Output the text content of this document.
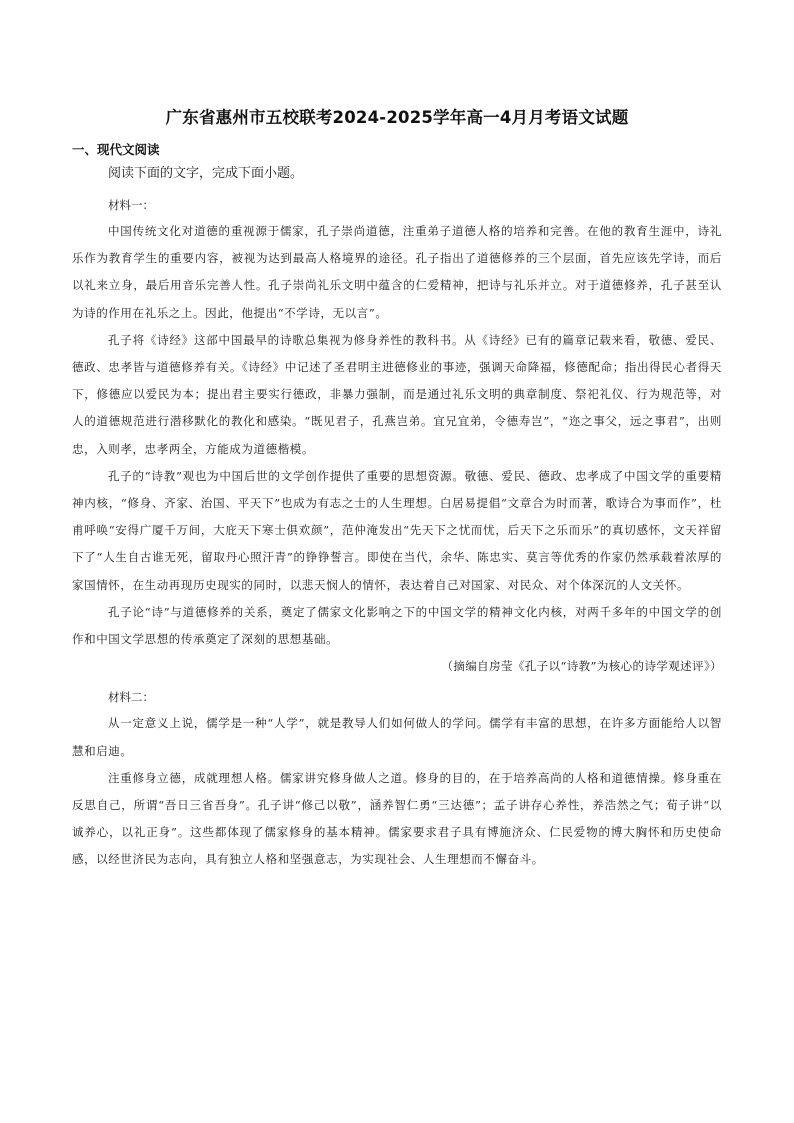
广东省惠州市五校联考2024-2025学年高一4月月考语文试题
一、现代文阅读

阅读下面的文字，完成下面小题。

材料一：

中国传统文化对道德的重视源于儒家，孔子崇尚道德，注重弟子道德人格的培养和完善。在他的教育生涯中，诗礼乐作为教育学生的重要内容，被视为达到最高人格境界的途径。孔子指出了道德修养的三个层面，首先应该先学诗，而后以礼来立身，最后用音乐完善人性。孔子崇尚礼乐文明中蕴含的仁爱精神，把诗与礼乐并立。对于道德修养，孔子甚至认为诗的作用在礼乐之上。因此，他提出“不学诗，无以言”。

孔子将《诗经》这部中国最早的诗歌总集视为修身养性的教科书。从《诗经》已有的篇章记载来看，敬德、爱民、德政、忠孝皆与道德修养有关。《诗经》中记述了圣君明主进德修业的事迹，强调天命降福，修德配命；指出得民心者得天下，修德应以爱民为本；提出君主要实行德政，非暴力强制，而是通过礼乐文明的典章制度、祭祀礼仪、行为规范等，对人的道德规范进行潜移默化的教化和感染。“既见君子，孔燕岂弟。宜兄宜弟，令德寿岂”，“迩之事父，远之事君”，出则忠，入则孝，忠孝两全，方能成为道德楷模。

孔子的“诗教”观也为中国后世的文学创作提供了重要的思想资源。敬德、爱民、德政、忠孝成了中国文学的重要精神内核，“修身、齐家、治国、平天下”也成为有志之士的人生理想。白居易提倡“文章合为时而著，歌诗合为事而作”，杜甫呼唤“安得广厦千万间，大庇天下寒士俱欢颜”，范仲淹发出“先天下之忧而忧，后天下之乐而乐”的真切感怀，文天祥留下了“人生自古谁无死，留取丹心照汗青”的铮铮誓言。即使在当代，余华、陈忠实、莫言等优秀的作家仍然承载着浓厚的家国情怀，在生动再现历史现实的同时，以悲天悯人的情怀，表达着自己对国家、对民众、对个体深沉的人文关怀。

孔子论“诗”与道德修养的关系，奠定了儒家文化影响之下的中国文学的精神文化内核，对两千多年的中国文学的创作和中国文学思想的传承奠定了深刻的思想基础。

（摘编自房莹《孔子以“诗教”为核心的诗学观述评》）

材料二：

从一定意义上说，儒学是一种“人学”，就是教导人们如何做人的学问。儒学有丰富的思想，在许多方面能给人以智慧和启迪。

注重修身立德，成就理想人格。儒家讲究修身做人之道。修身的目的，在于培养高尚的人格和道德情操。修身重在反思自己，所谓“吾日三省吾身”。孔子讲“修己以敬”，涵养智仁勇“三达德”；孟子讲存心养性，养浩然之气；荀子讲“以诚养心，以礼正身”。这些都体现了儒家修身的基本精神。儒家要求君子具有博施济众、仁民爱物的博大胸怀和历史使命感，以经世济民为志向，具有独立人格和坚强意志，为实现社会、人生理想而不懈奋斗。
